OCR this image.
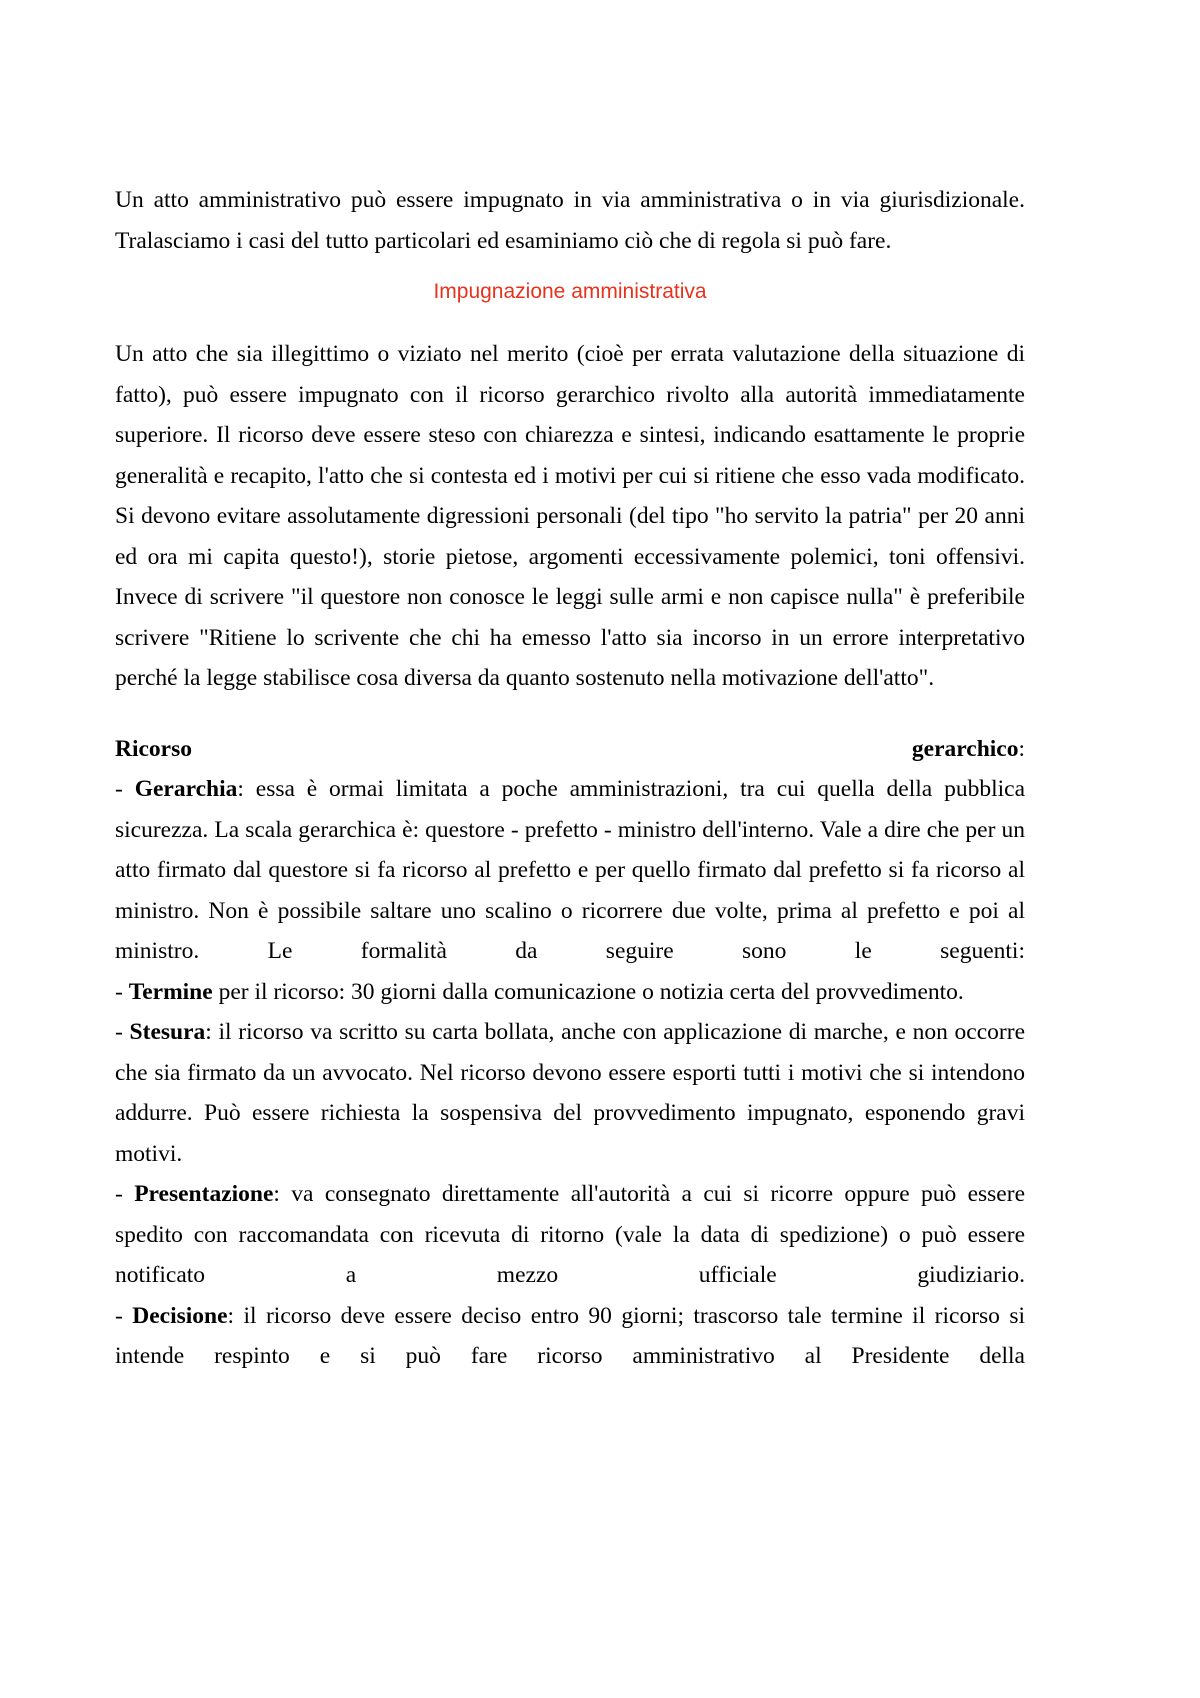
Un atto amministrativo può essere impugnato in via amministrativa o in via giurisdizionale. Tralasciamo i casi del tutto particolari ed esaminiamo ciò che di regola si può fare.

Impugnazione amministrativa

Un atto che sia illegittimo o viziato nel merito (cioè per errata valutazione della situazione di fatto), può essere impugnato con il ricorso gerarchico rivolto alla autorità immediatamente superiore. Il ricorso deve essere steso con chiarezza e sintesi, indicando esattamente le proprie generalità e recapito, l'atto che si contesta ed i motivi per cui si ritiene che esso vada modificato. Si devono evitare assolutamente digressioni personali (del tipo "ho servito la patria" per 20 anni ed ora mi capita questo!), storie pietose, argomenti eccessivamente polemici, toni offensivi. Invece di scrivere "il questore non conosce le leggi sulle armi e non capisce nulla" è preferibile scrivere "Ritiene lo scrivente che chi ha emesso l'atto sia incorso in un errore interpretativo perché la legge stabilisce cosa diversa da quanto sostenuto nella motivazione dell'atto".

Ricorso	gerarchico:

- Gerarchia: essa è ormai limitata a poche amministrazioni, tra cui quella della pubblica sicurezza. La scala gerarchica è: questore - prefetto - ministro dell'interno. Vale a dire che per un atto firmato dal questore si fa ricorso al prefetto e per quello firmato dal prefetto si fa ricorso al ministro. Non è possibile saltare uno scalino o ricorrere due volte, prima al prefetto e poi al ministro. Le formalità da seguire sono le seguenti:

- Termine per il ricorso: 30 giorni dalla comunicazione o notizia certa del provvedimento.

- Stesura: il ricorso va scritto su carta bollata, anche con applicazione di marche, e non occorre che sia firmato da un avvocato. Nel ricorso devono essere esporti tutti i motivi che si intendono addurre. Può essere richiesta la sospensiva del provvedimento impugnato, esponendo gravi motivi.

- Presentazione: va consegnato direttamente all'autorità a cui si ricorre oppure può essere spedito con raccomandata con ricevuta di ritorno (vale la data di spedizione) o può essere notificato a mezzo ufficiale giudiziario.

- Decisione: il ricorso deve essere deciso entro 90 giorni; trascorso tale termine il ricorso si intende respinto e si può fare ricorso amministrativo al Presidente della
